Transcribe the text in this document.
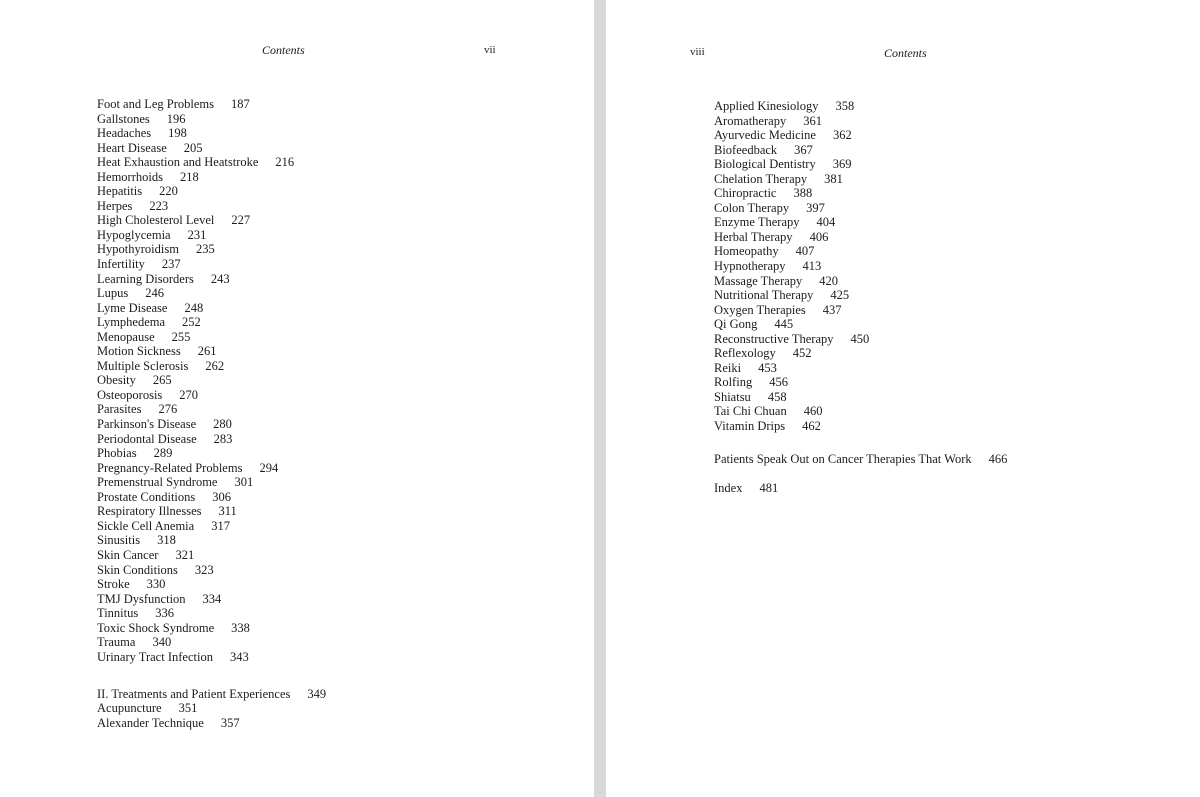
Contents	vii
Foot and Leg Problems 187
Gallstones 196
Headaches 198
Heart Disease 205
Heat Exhaustion and Heatstroke 216
Hemorrhoids 218
Hepatitis 220
Herpes 223
High Cholesterol Level 227
Hypoglycemia 231
Hypothyroidism 235
Infertility 237
Learning Disorders 243
Lupus 246
Lyme Disease 248
Lymphedema 252
Menopause 255
Motion Sickness 261
Multiple Sclerosis 262
Obesity 265
Osteoporosis 270
Parasites 276
Parkinson's Disease 280
Periodontal Disease 283
Phobias 289
Pregnancy-Related Problems 294
Premenstrual Syndrome 301
Prostate Conditions 306
Respiratory Illnesses 311
Sickle Cell Anemia 317
Sinusitis 318
Skin Cancer 321
Skin Conditions 323
Stroke 330
TMJ Dysfunction 334
Tinnitus 336
Toxic Shock Syndrome 338
Trauma 340
Urinary Tract Infection 343
II. Treatments and Patient Experiences 349
Acupuncture 351
Alexander Technique 357
viii	Contents
Applied Kinesiology 358
Aromatherapy 361
Ayurvedic Medicine 362
Biofeedback 367
Biological Dentistry 369
Chelation Therapy 381
Chiropractic 388
Colon Therapy 397
Enzyme Therapy 404
Herbal Therapy 406
Homeopathy 407
Hypnotherapy 413
Massage Therapy 420
Nutritional Therapy 425
Oxygen Therapies 437
Qi Gong 445
Reconstructive Therapy 450
Reflexology 452
Reiki 453
Rolfing 456
Shiatsu 458
Tai Chi Chuan 460
Vitamin Drips 462
Patients Speak Out on Cancer Therapies That Work 466
Index 481
